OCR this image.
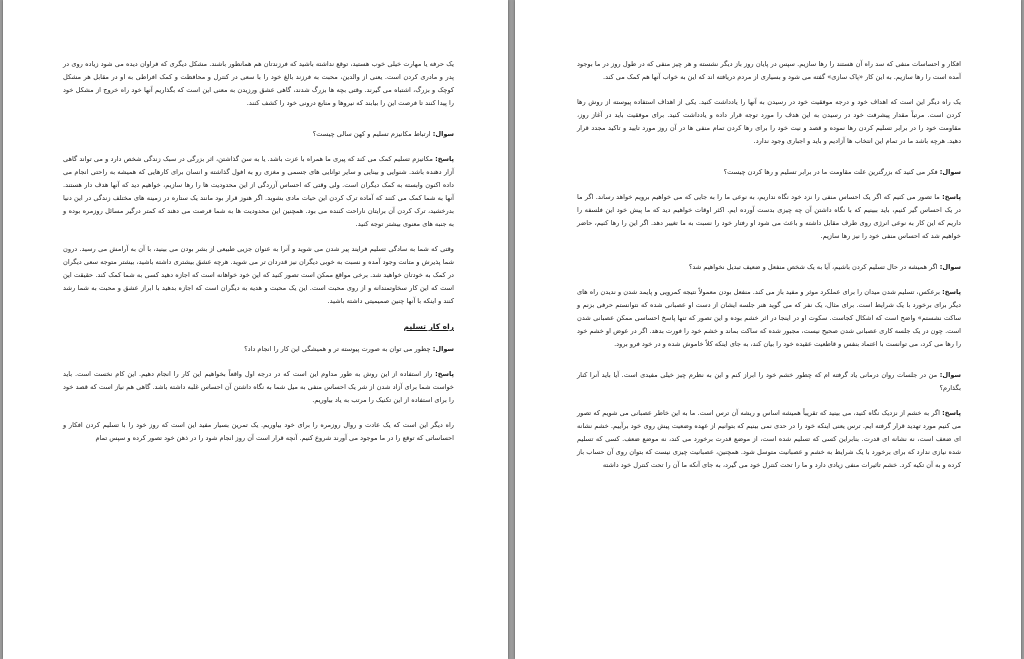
یک حرفه یا مهارت خیلی خوب هستید، توقع نداشته باشید که فرزندتان هم همانطور باشند. مشکل دیگری که فراوان دیده می شود زیاده روی در پدر و مادری کردن است. یعنی از والدین، محبت به فرزند بالغ خود را با سعی در کنترل و محافظت و کمک افراطی به او در مقابل هر مشکل کوچک و بزرگ، اشتباه می گیرند. وقتی بچه ها بزرگ شدند، گاهی عشق ورزیدن به معنی این است که بگذاریم آنها خود راه خروج از مشکل خود را پیدا کنند تا فرصت این را بیابند که نیروها و منابع درونی خود را کشف کنند.

سوال: ارتباط مکانیزم تسلیم و کهن سالی چیست؟

پاسخ: مکانیزم تسلیم کمک می کند که پیری ما همراه با عزت باشد. یا به سن گذاشتن، اثر بزرگی در سبک زندگی شخص دارد و می تواند گاهی آزار دهنده باشد. شنوایی و بینایی و سایر توانایی های جسمی و مغزی رو به افول گذاشته و انسان برای کارهایی که همیشه به راحتی انجام می داده اکنون وابسته به کمک دیگران است. ولی وقتی که احساس آزردگی از این محدودیت ها را رها سازیم، خواهیم دید که آنها هدف دار هستند. آنها به شما کمک می کنند که آماده ترک کردن این حیات مادی بشوید. اگر هنوز قرار بود مانند یک ستاره در زمینه های مختلف زندگی در این دنیا بدرخشید، ترک کردن آن برایتان ناراحت کننده می بود. همچنین این محدودیت ها به شما فرصت می دهند که کمتر درگیر مسائل روزمره بوده و به جنبه های معنوی بیشتر توجه کنید.

وقتی که شما به سادگی تسلیم فرایند پیر شدن می شوید و آنرا به عنوان جزیی طبیعی از بشر بودن می بینید، با آن به آرامش می رسید. درون شما پذیرش و متانت وجود آمده و نسبت به خوبی دیگران نیز قدردان تر می شوید. هرچه عشق بیشتری داشته باشید، بیشتر متوجه سعی دیگران در کمک به خودتان خواهید شد. برخی مواقع ممکن است تصور کنید که این خود خواهانه است که اجازه دهید کسی به شما کمک کند. حقیقت این است که این کار سخاوتمندانه و از روی محبت است. این یک محبت و هدیه به دیگران است که اجازه بدهید با ابراز عشق و محبت به شما رشد کنند و اینکه با آنها چنین صمیمیتی داشته باشید.

راه کار تسلیم

سوال: چطور می توان به صورت پیوسته تر و همیشگی این کار را انجام داد؟

پاسخ: راز استفاده از این روش به طور مداوم این است که در درجه اول واقعاً بخواهیم این کار را انجام دهیم. این کام نخست است. باید خواست شما برای آزاد شدن از شر یک احساس منفی به میل شما به نگاه داشتن آن احساس غلبه داشته باشد. گاهی هم نیاز است که قصد خود را برای استفاده از این تکنیک را مرتب به یاد بیاوریم.

راه دیگر این است که یک عادت و روال روزمره را برای خود بیاوریم. یک تمرین بسیار مفید این است که روز خود را با تسلیم کردن افکار و احساساتی که توقع را در ما موجود می آورند شروع کنیم. آنچه قرار است آن روز انجام شود را در ذهن خود تصور کرده و سپس تمام

افکار و احساسات منفی که سد راه آن هستند را رها سازیم. سپس در پایان روز باز دیگر نشسته و هر چیز منفی که در طول روز در ما بوجود آمده است را رها سازیم. به این کار «پاک سازی» گفته می شود و بسیاری از مردم دریافته اند که این به خواب آنها هم کمک می کند.

یک راه دیگر این است که اهداف خود و درجه موفقیت خود در رسیدن به آنها را یادداشت کنید. یکی از اهداف استفاده پیوسته از روش رها کردن است. مرتباً مقدار پیشرفت خود در رسیدن به این هدف را مورد توجه قرار داده و یادداشت کنید. برای موفقیت باید در آغاز روز، مقاومت خود را در برابر تسلیم کردن رها نموده و قصد و نیت خود را برای رها کردن تمام منفی ها در آن روز مورد تایید و تاکید مجدد قرار دهید. هرچه باشد ما در تمام این انتخاب ها آزادیم و باید و اجباری وجود ندارد.

سوال: فکر می کنید که بزرگترین علت مقاومت ما در برابر تسلیم و رها کردن چیست؟

پاسخ: ما تصور می کنیم که اگر یک احساس منفی را نزد خود نگاه نداریم، به نوعی ما را به جایی که می خواهیم برویم خواهد رساند. اگر ما در یک احساس گیر کنیم، باید ببینیم که با نگاه داشتن آن چه چیزی بدست آورده ایم. اکثر اوقات خواهیم دید که ما پیش خود این فلسفه را داریم که این کار به نوعی انرژی روی طرف مقابل داشته و باعث می شود او رفتار خود را نسبت به ما تغییر دهد. اگر این را رها کنیم، حاضر خواهیم شد که احساس منفی خود را نیز رها سازیم.

سوال: اگر همیشه در حال تسلیم کردن باشیم، آیا به یک شخص منفعل و ضعیف تبدیل نخواهیم شد؟

پاسخ: برعکس، تسلیم شدن میدان را برای عملکرد موثر و مفید باز می کند. منفعل بودن معمولاً نتیجه کمرویی و پایمد شدن و ندیدن راه های دیگر برای برخورد با یک شرایط است. برای مثال، یک نفر که می گوید هنر جلسه ایشان از دست او عصبانی شده که نتوانستم حرفی بزنم و ساکت نشستم» واضح است که اشکال کجاست. سکوت او در اینجا در اثر خشم بوده و این تصور که تنها پاسخ احساسی ممکن عصبانی شدن است. چون در یک جلسه کاری عصبانی شدن صحیح نیست، مجبور شده که ساکت بماند و خشم خود را فورت بدهد. اگر در عوض او خشم خود را رها می کرد، می توانست با اعتماد بنفس و قاطعیت عقیده خود را بیان کند، به جای اینکه کلاً خاموش شده و در خود فرو برود.

سوال: من در جلسات روان درمانی یاد گرفته ام که چطور خشم خود را ابراز کنم و این به نظرم چیز خیلی مفیدی است. آیا باید آنرا کنار بگذارم؟

پاسخ: اگر به خشم از نزدیک نگاه کنید، می بینید که تقریباً همیشه اساس و ریشه آن ترس است. ما به این خاطر عصبانی می شویم که تصور می کنیم مورد تهدید قرار گرفته ایم. ترس یعنی اینکه خود را در حدی نمی بینیم که بتوانیم از عهده وضعیت پیش روی خود برآییم. خشم نشانه ای ضعف است، نه نشانه ای قدرت. بنابراین کسی که تسلیم شده است، از موضع قدرت برخورد می کند، نه موضع ضعف. کسی که تسلیم شده نیازی ندارد که برای برخورد با یک شرایط به خشم و عصبانیت متوسل شود. همچنین، عصبانیت چیزی نیست که بتوان روی آن حساب باز کرده و به آن تکیه کرد. خشم تاثیرات منفی زیادی دارد و ما را تحت کنترل خود می گیرد، به جای آنکه ما آن را تحت کنترل خود داشته
